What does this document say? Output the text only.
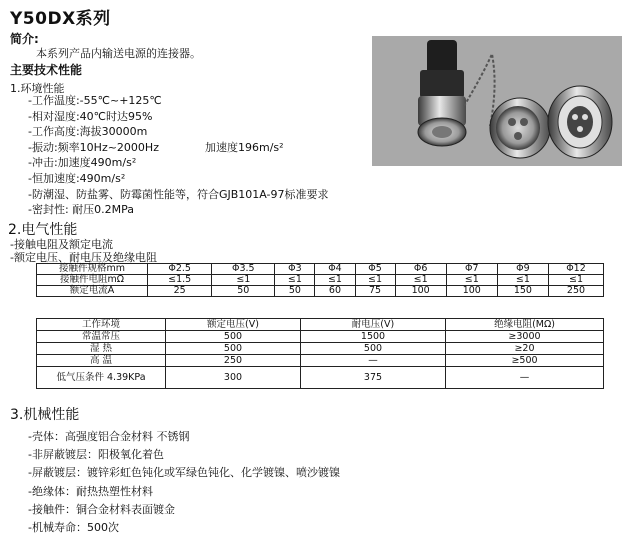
Y50DX系列
简介:
本系列产品内输送电源的连接器。
主要技术性能
1.环境性能
-工作温度:-55℃~+125℃
-相对湿度:40℃时达95%
-工作高度:海拔30000m
-振动:频率10Hz~2000Hz	加速度196m/s²
-冲击:加速度490m/s²
-恒加速度:490m/s²
-防潮湿、防盐雾、防霉菌性能等，符合GJB101A-97标准要求
-密封性: 耐压0.2MPa
2.电气性能
-接触电阻及额定电流
-额定电压、耐电压及绝缘电阻
接触件规格mm	Φ2.5	Φ3.5	Φ3	Φ4	Φ5	Φ6	Φ7	Φ9	Φ12
接触件电阻mΩ	≤1.5	≤1	≤1	≤1	≤1	≤1	≤1	≤1	≤1
额定电流A	25	50	50	60	75	100	100	150	250
工作环境	额定电压(V)	耐电压(V)	绝缘电阻(MΩ)
常温常压	500	1500	≥3000
湿 热	500	500	≥20
高 温	250	—	≥500
低气压条件 4.39KPa	300	375	—
3.机械性能
-壳体：高强度铝合金材料 不锈钢
-非屏蔽镀层：阳极氧化着色
-屏蔽镀层：镀锌彩虹色钝化或军绿色钝化、化学镀镍、喷沙镀镍
-绝缘体：耐热热塑性材料
-接触件：铜合金材料表面镀金
-机械寿命：500次
